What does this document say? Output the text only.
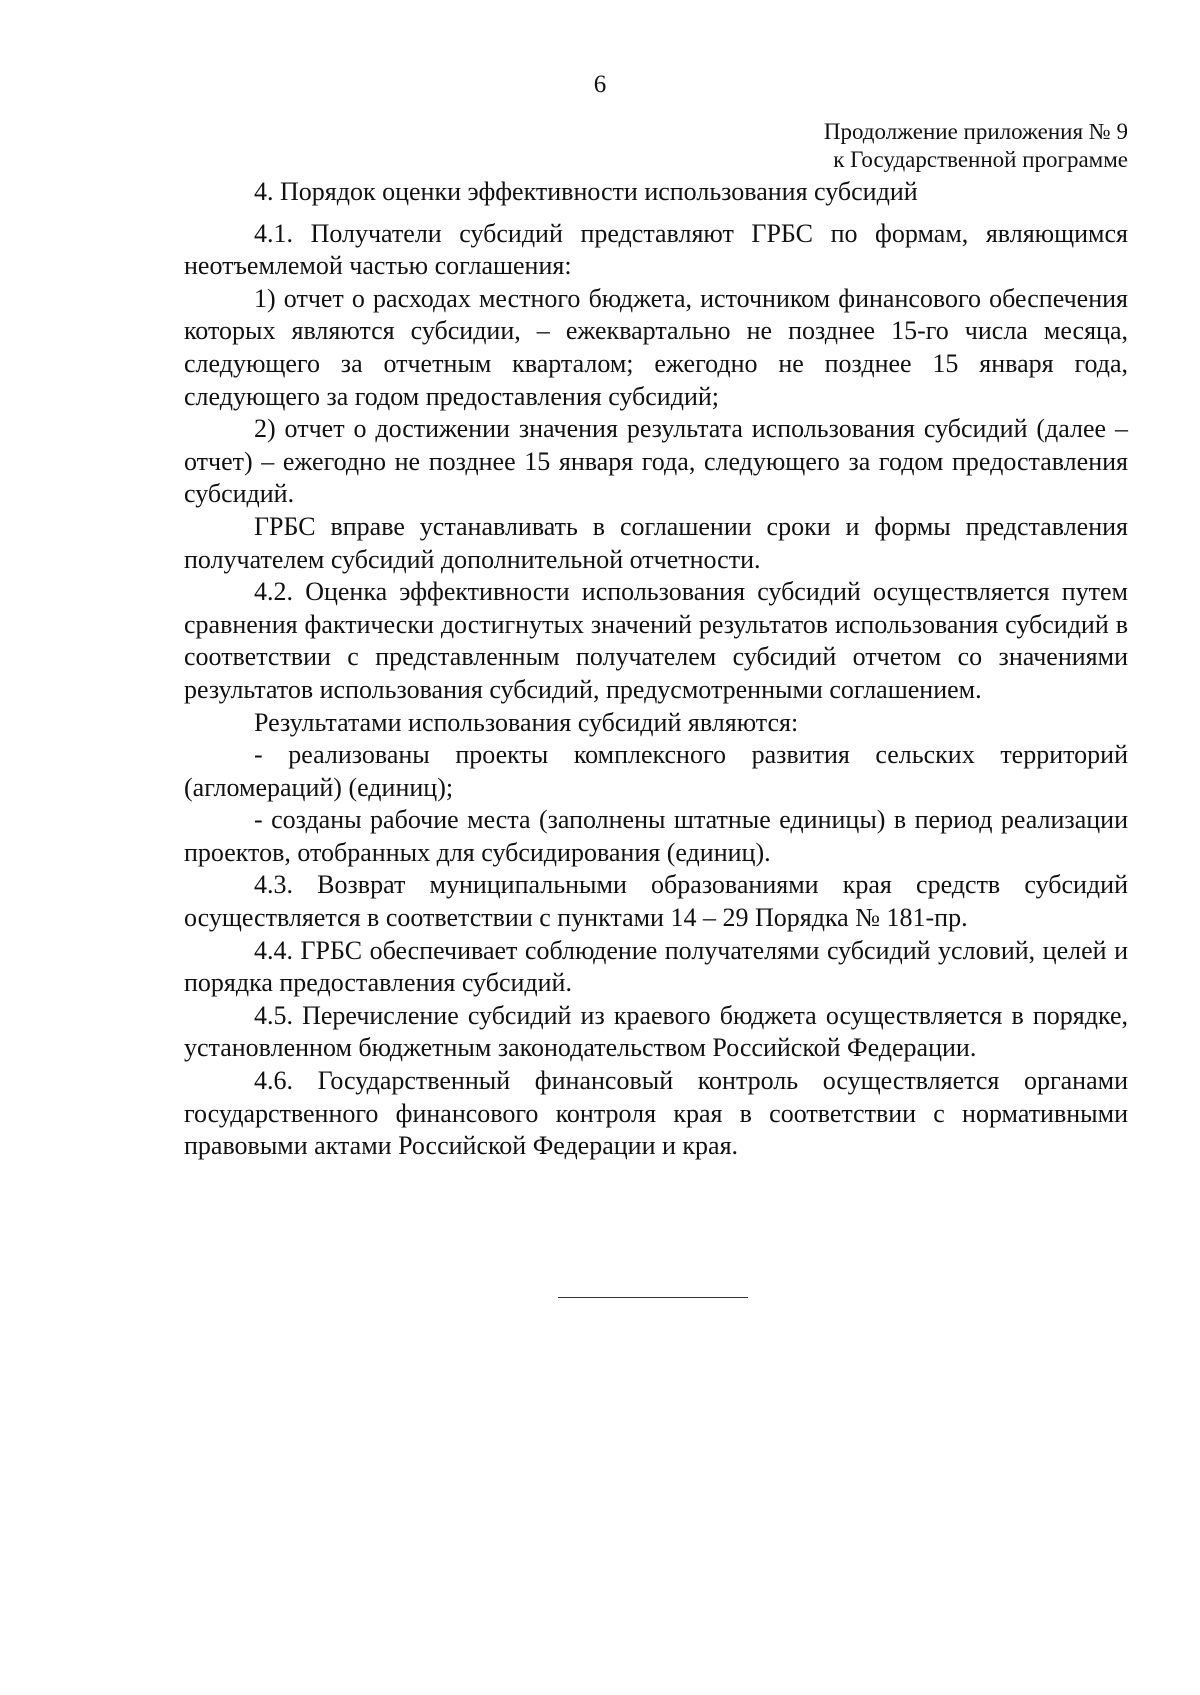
6
Продолжение приложения № 9
к Государственной программе

4. Порядок оценки эффективности использования субсидий

4.1. Получатели субсидий представляют ГРБС по формам, являющимся неотъемлемой частью соглашения:

1) отчет о расходах местного бюджета, источником финансового обеспечения которых являются субсидии, – ежеквартально не позднее 15-го числа месяца, следующего за отчетным кварталом; ежегодно не позднее 15 января года, следующего за годом предоставления субсидий;

2) отчет о достижении значения результата использования субсидий (далее – отчет) – ежегодно не позднее 15 января года, следующего за годом предоставления субсидий.

ГРБС вправе устанавливать в соглашении сроки и формы представления получателем субсидий дополнительной отчетности.

4.2. Оценка эффективности использования субсидий осуществляется путем сравнения фактически достигнутых значений результатов использования субсидий в соответствии с представленным получателем субсидий отчетом со значениями результатов использования субсидий, предусмотренными соглашением.

Результатами использования субсидий являются:

- реализованы проекты комплексного развития сельских территорий (агломераций) (единиц);

- созданы рабочие места (заполнены штатные единицы) в период реализации проектов, отобранных для субсидирования (единиц).

4.3. Возврат муниципальными образованиями края средств субсидий осуществляется в соответствии с пунктами 14 – 29 Порядка № 181-пр.

4.4. ГРБС обеспечивает соблюдение получателями субсидий условий, целей и порядка предоставления субсидий.

4.5. Перечисление субсидий из краевого бюджета осуществляется в порядке, установленном бюджетным законодательством Российской Федерации.

4.6. Государственный финансовый контроль осуществляется органами государственного финансового контроля края в соответствии с нормативными правовыми актами Российской Федерации и края.
